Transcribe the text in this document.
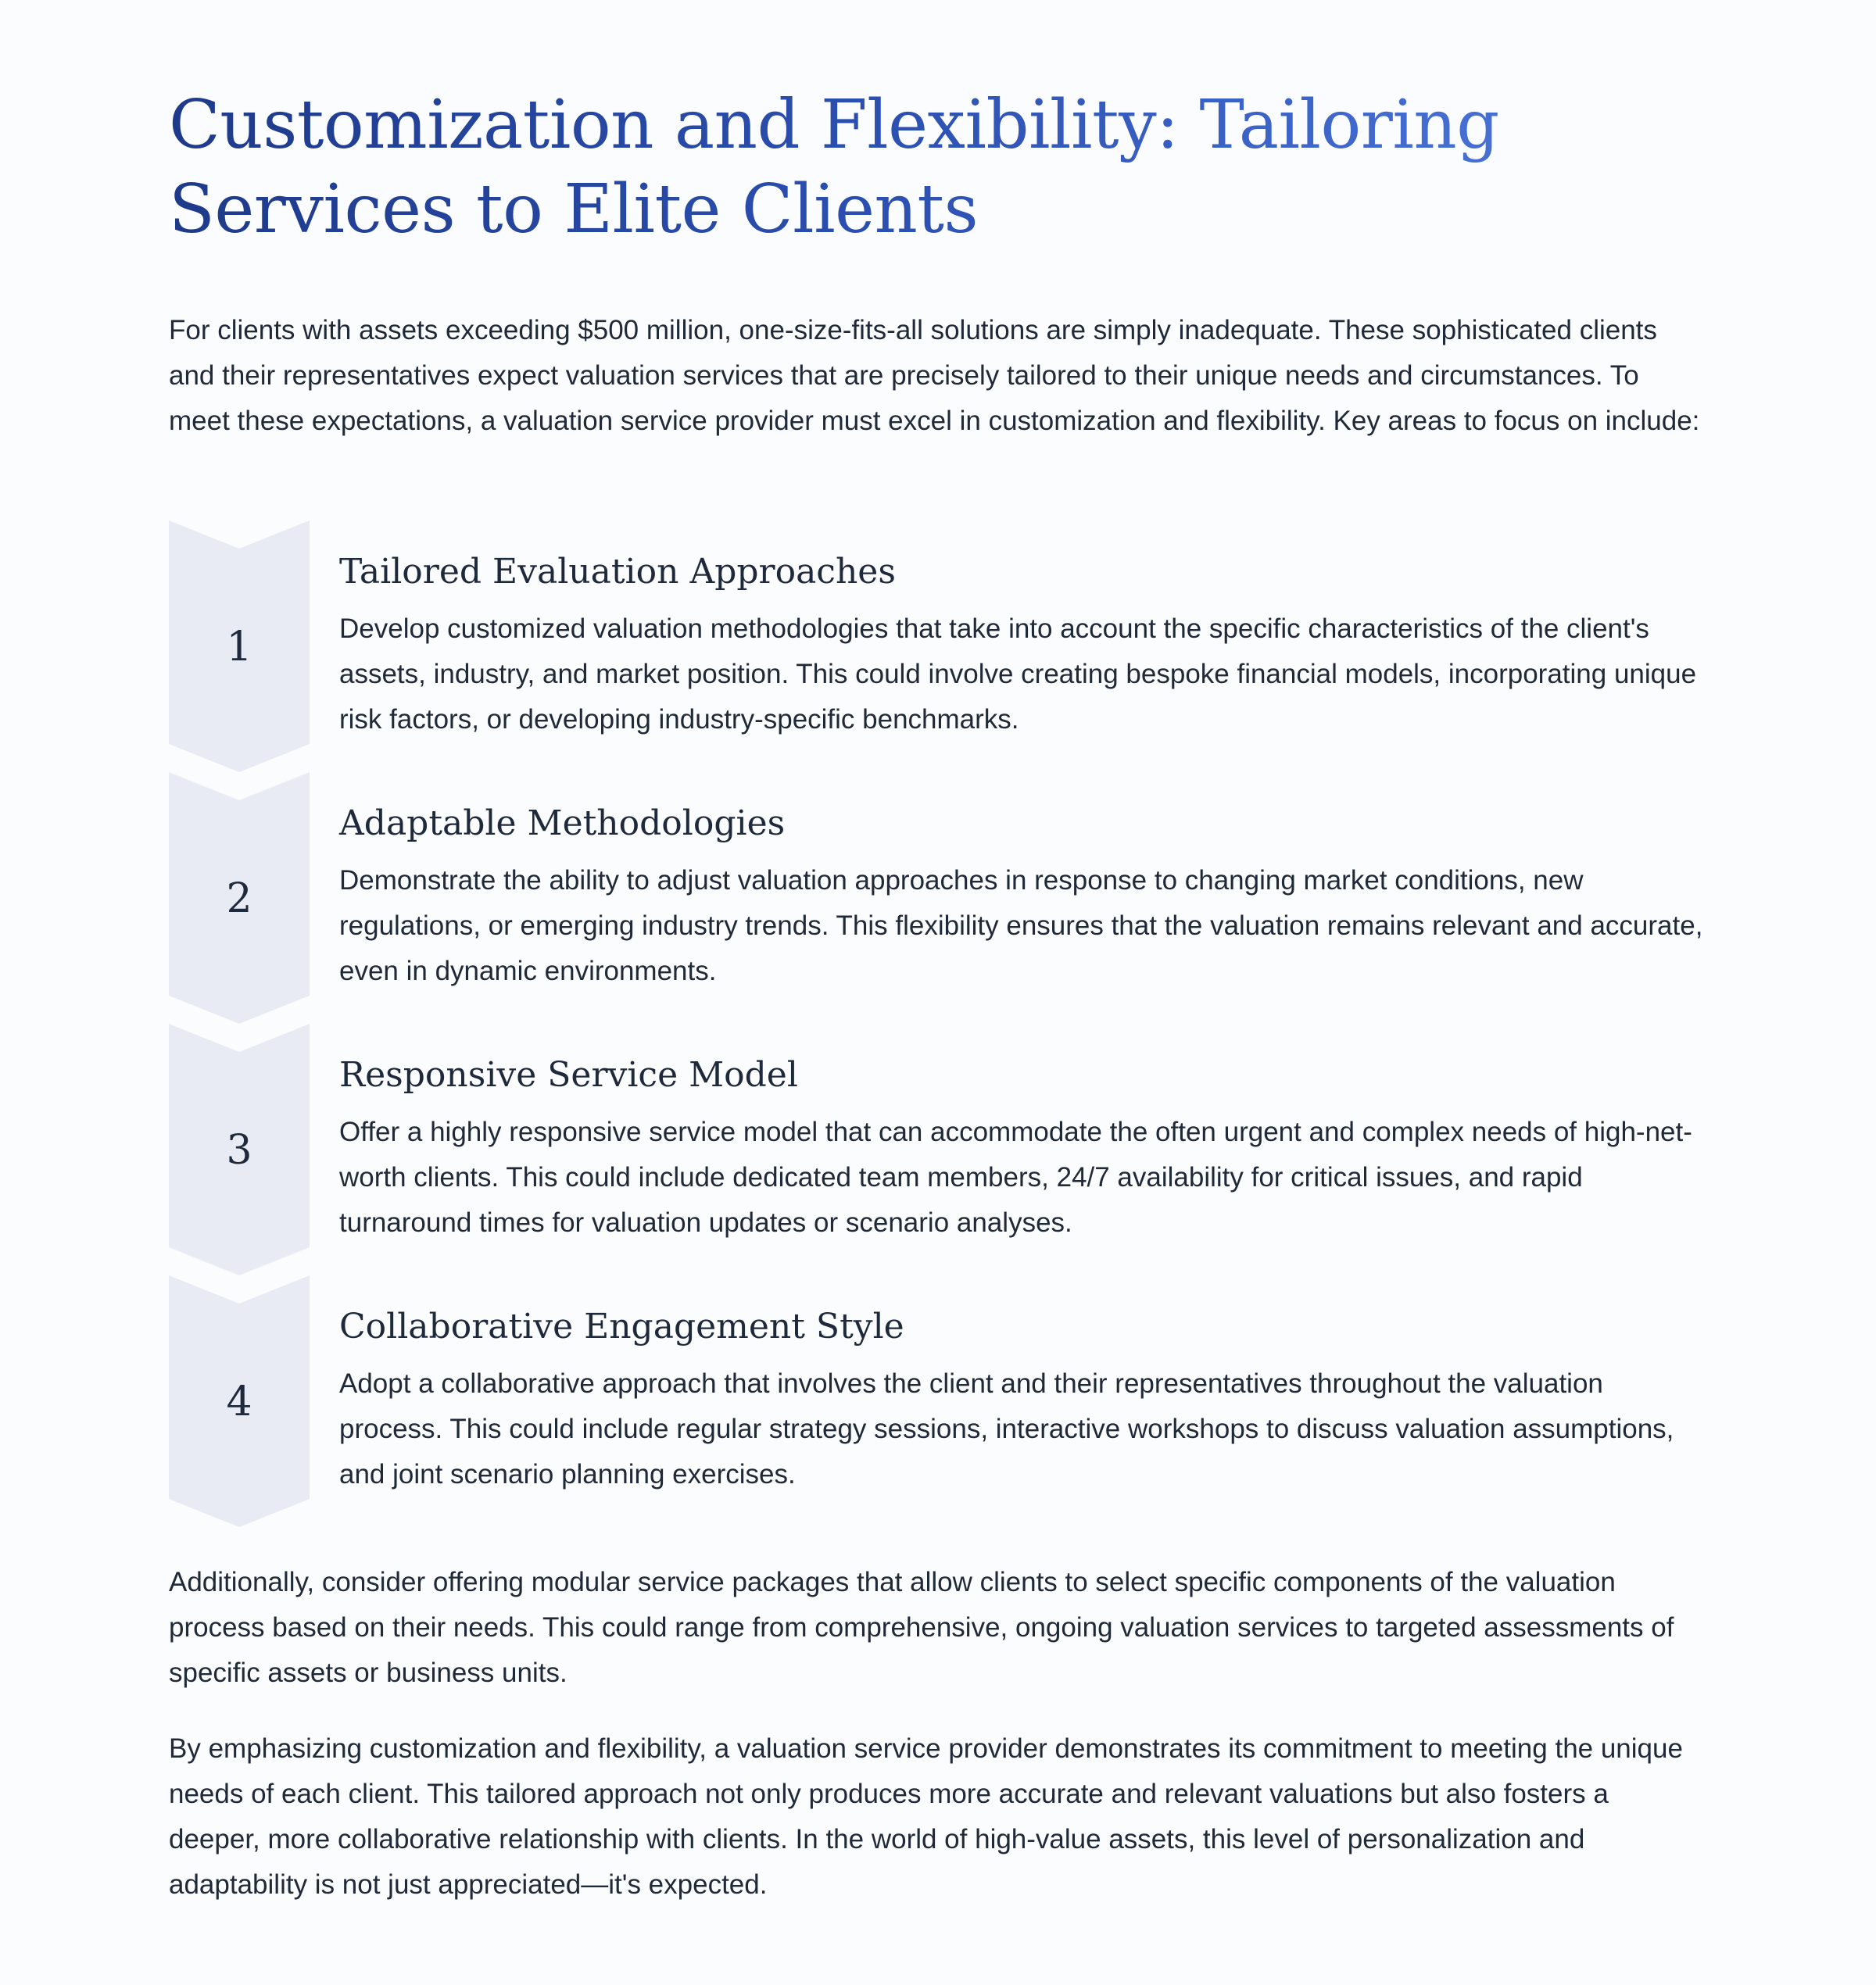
Customization and Flexibility: Tailoring Services to Elite Clients

For clients with assets exceeding $500 million, one-size-fits-all solutions are simply inadequate. These sophisticated clients and their representatives expect valuation services that are precisely tailored to their unique needs and circumstances. To meet these expectations, a valuation service provider must excel in customization and flexibility. Key areas to focus on include:

1
Tailored Evaluation Approaches

Develop customized valuation methodologies that take into account the specific characteristics of the client's assets, industry, and market position. This could involve creating bespoke financial models, incorporating unique risk factors, or developing industry-specific benchmarks.

2
Adaptable Methodologies

Demonstrate the ability to adjust valuation approaches in response to changing market conditions, new regulations, or emerging industry trends. This flexibility ensures that the valuation remains relevant and accurate, even in dynamic environments.

3
Responsive Service Model

Offer a highly responsive service model that can accommodate the often urgent and complex needs of high-net-worth clients. This could include dedicated team members, 24/7 availability for critical issues, and rapid turnaround times for valuation updates or scenario analyses.

4
Collaborative Engagement Style

Adopt a collaborative approach that involves the client and their representatives throughout the valuation process. This could include regular strategy sessions, interactive workshops to discuss valuation assumptions, and joint scenario planning exercises.

Additionally, consider offering modular service packages that allow clients to select specific components of the valuation process based on their needs. This could range from comprehensive, ongoing valuation services to targeted assessments of specific assets or business units.

By emphasizing customization and flexibility, a valuation service provider demonstrates its commitment to meeting the unique needs of each client. This tailored approach not only produces more accurate and relevant valuations but also fosters a deeper, more collaborative relationship with clients. In the world of high-value assets, this level of personalization and adaptability is not just appreciated—it's expected.
